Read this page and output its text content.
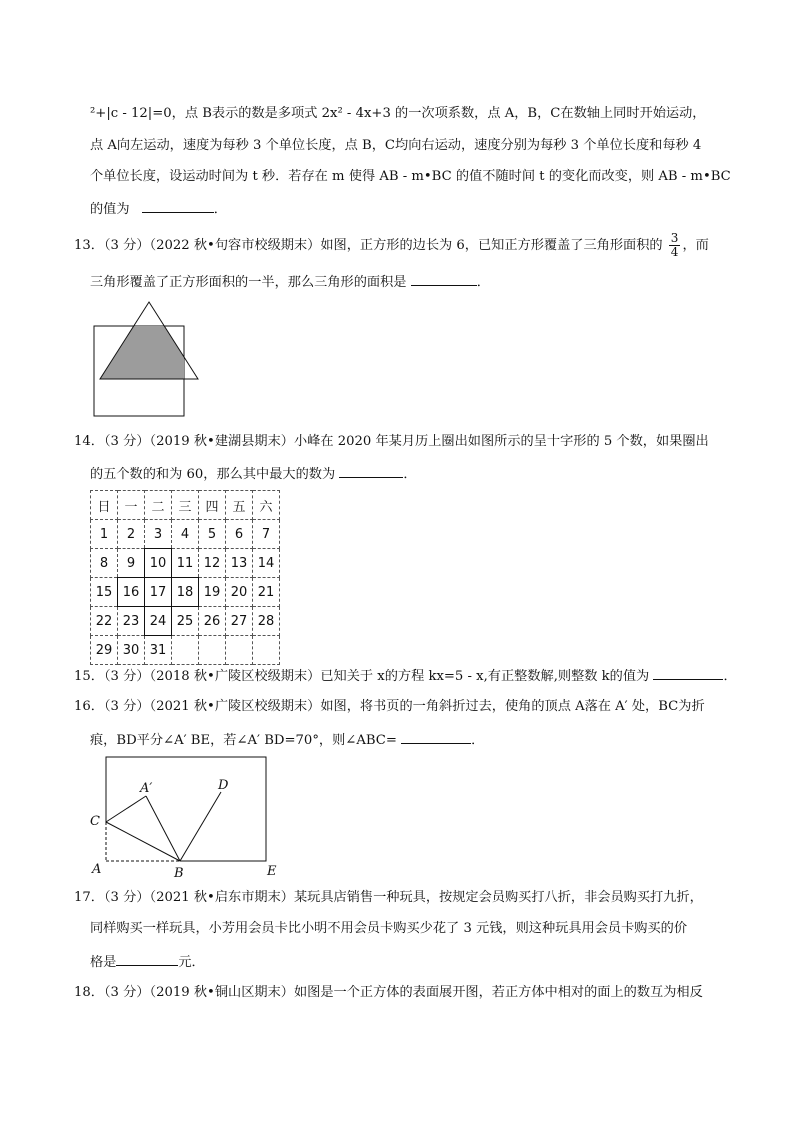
²+|c - 12|=0，点 B表示的数是多项式 2x² - 4x+3 的一次项系数，点 A，B，C在数轴上同时开始运动，
点 A向左运动，速度为每秒 3 个单位长度，点 B，C均向右运动，速度分别为每秒 3 个单位长度和每秒 4
个单位长度，设运动时间为 t 秒．若存在 m 使得 AB - m•BC 的值不随时间 t 的变化而改变，则 AB - m•BC
的值为	．
13．（3 分）（2022 秋•句容市校级期末）如图，正方形的边长为 6，已知正方形覆盖了三角形面积的 $\frac{3}{4}$ ，而
三角形覆盖了正方形面积的一半，那么三角形的面积是	．
14．（3 分）（2019 秋•建湖县期末）小峰在 2020 年某月历上圈出如图所示的呈十字形的 5 个数，如果圈出
的五个数的和为 60，那么其中最大的数为	．
日	一	二	三	四	五	六
1	2	3	4	5	6	7
8	9	10	11	12	13	14
15	16	17	18	19	20	21
22	23	24	25	26	27	28
29	30	31				
15．（3 分）（2018 秋•广陵区校级期末）已知关于 x的方程 kx=5 - x,有正整数解,则整数 k的值为	．
16．（3 分）（2021 秋•广陵区校级期末）如图，将书页的一角斜折过去，使角的顶点 A落在 A′ 处，BC为折
痕，BD平分∠A′ BE，若∠A′ BD=70°，则∠ABC=	．
A′	D
C
A	B	E
17．（3 分）（2021 秋•启东市期末）某玩具店销售一种玩具，按规定会员购买打八折，非会员购买打九折，
同样购买一样玩具，小芳用会员卡比小明不用会员卡购买少花了 3 元钱，则这种玩具用会员卡购买的价
格是	元．
18．（3 分）（2019 秋•铜山区期末）如图是一个正方体的表面展开图，若正方体中相对的面上的数互为相反
